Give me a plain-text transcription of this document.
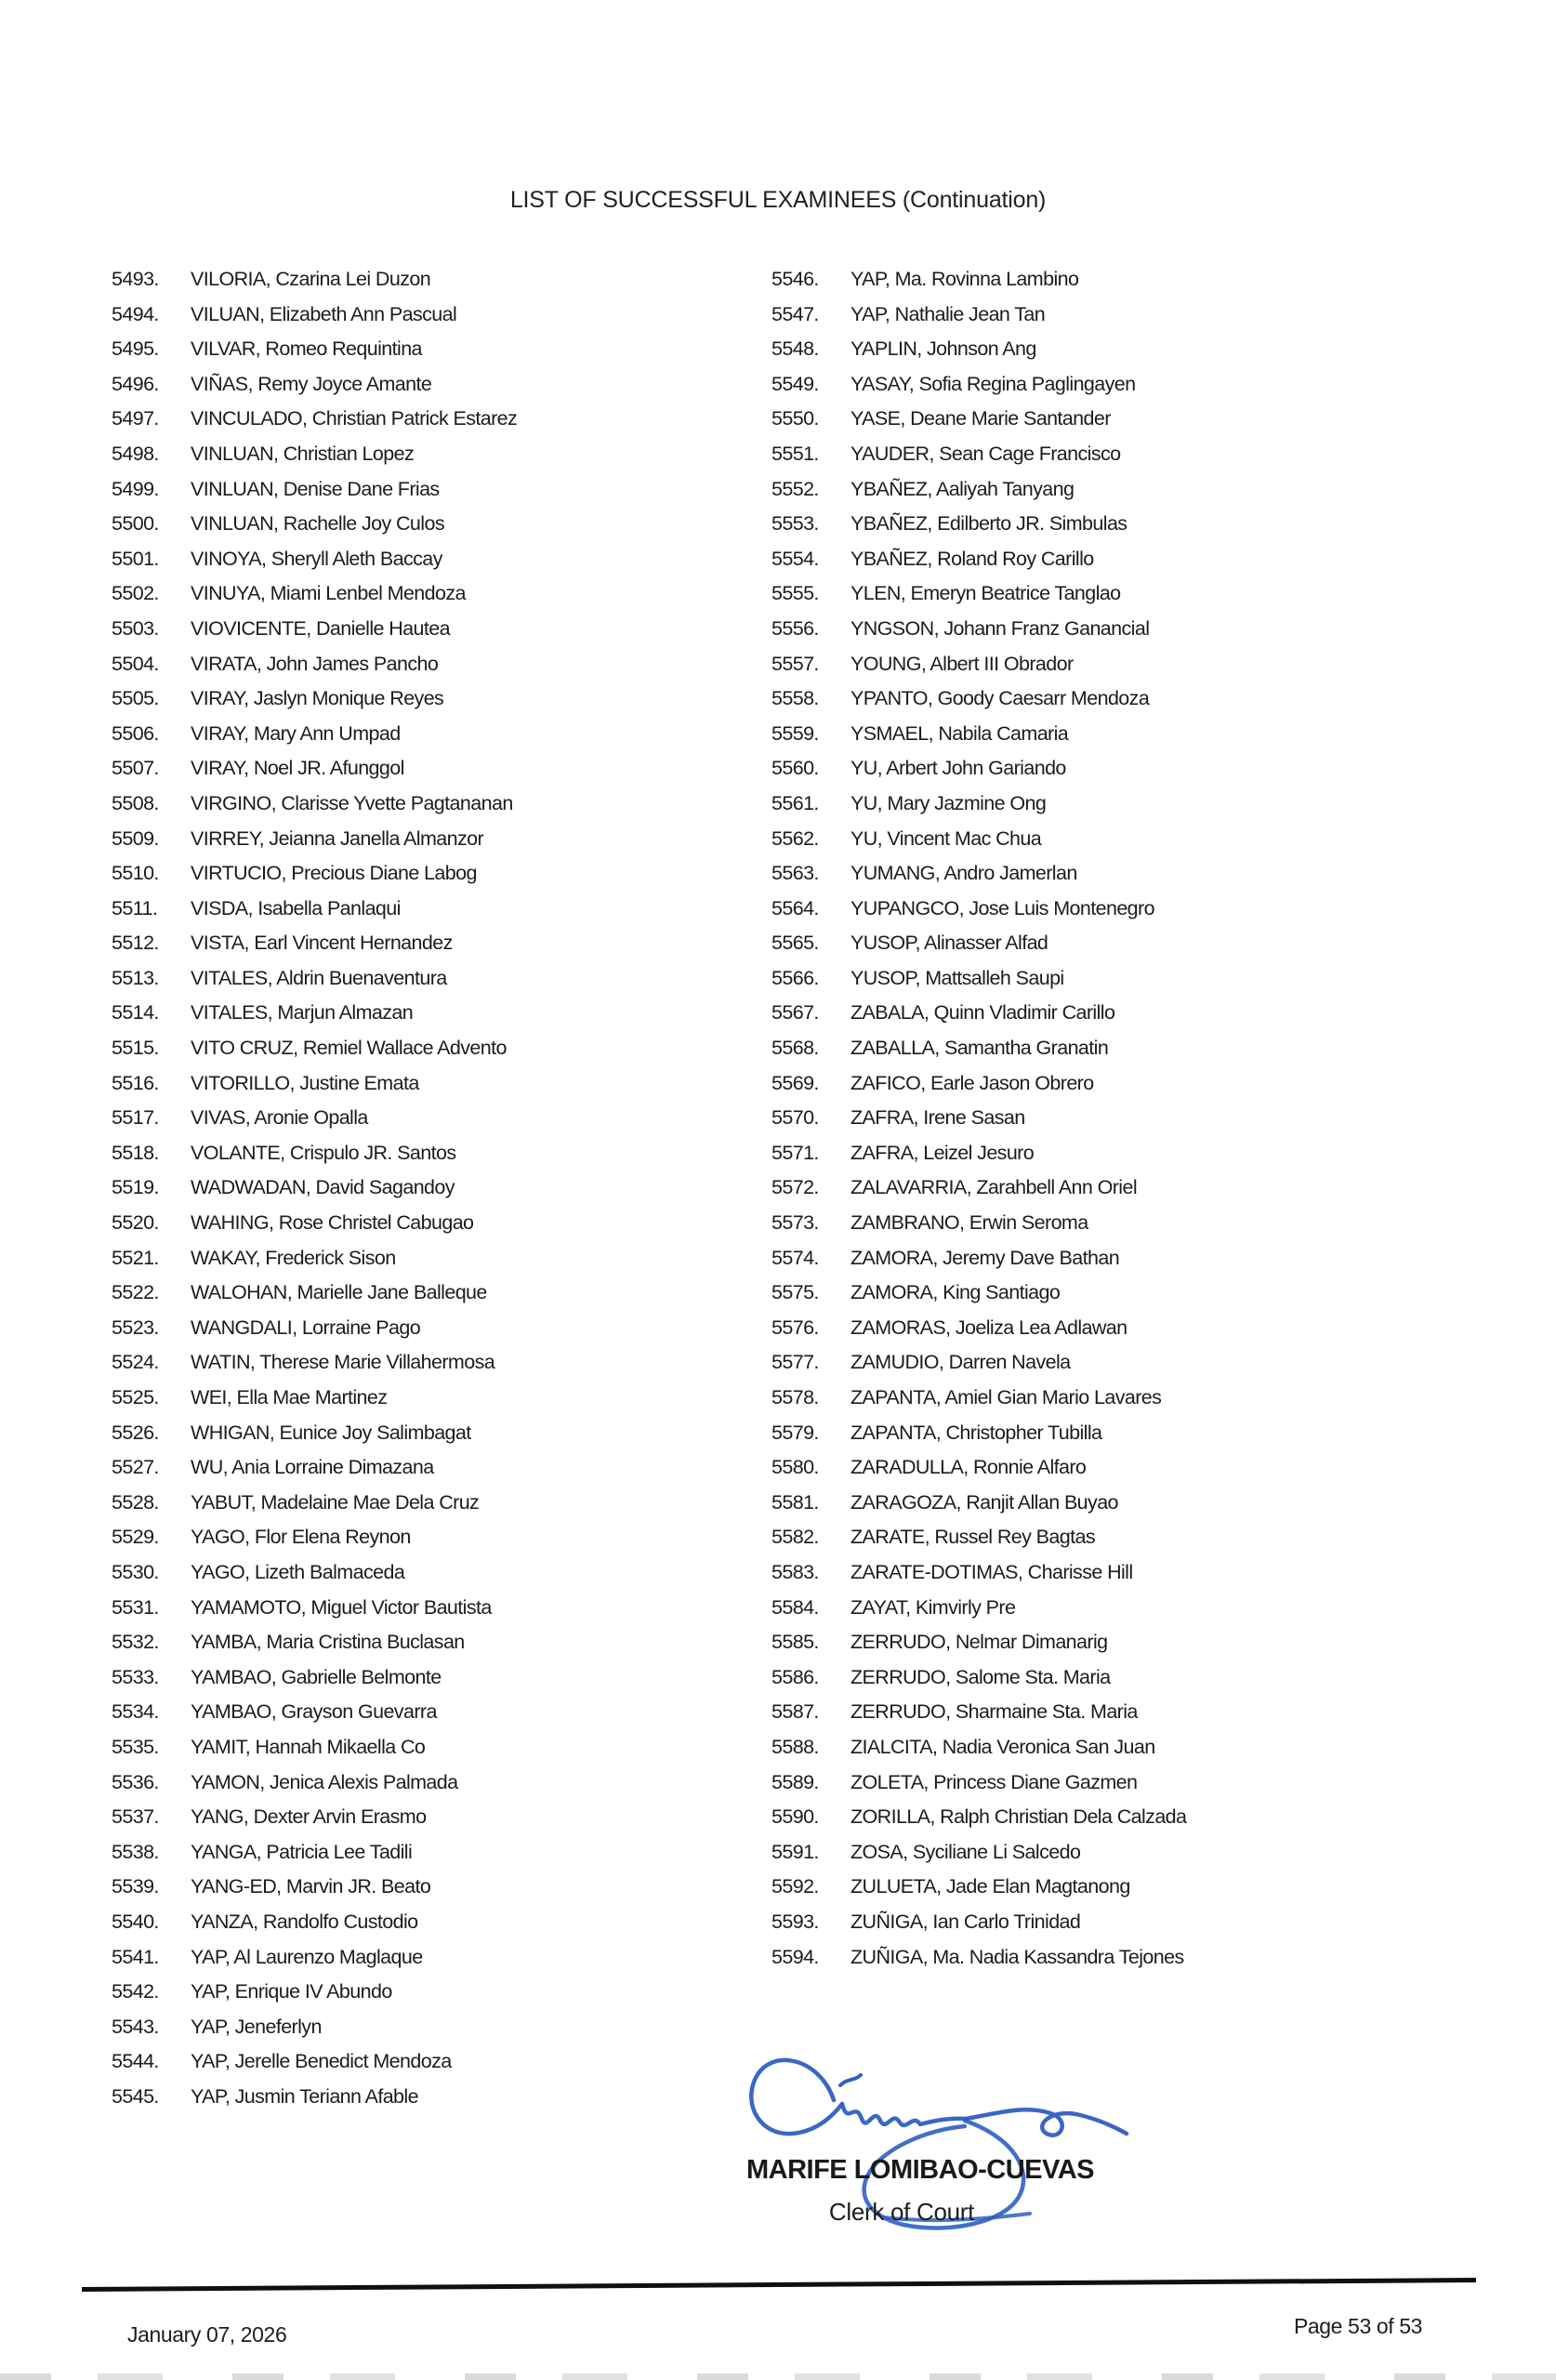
LIST OF SUCCESSFUL EXAMINEES (Continuation)
5493.	VILORIA, Czarina Lei Duzon
5494.	VILUAN, Elizabeth Ann Pascual
5495.	VILVAR, Romeo Requintina
5496.	VIÑAS, Remy Joyce Amante
5497.	VINCULADO, Christian Patrick Estarez
5498.	VINLUAN, Christian Lopez
5499.	VINLUAN, Denise Dane Frias
5500.	VINLUAN, Rachelle Joy Culos
5501.	VINOYA, Sheryll Aleth Baccay
5502.	VINUYA, Miami Lenbel Mendoza
5503.	VIOVICENTE, Danielle Hautea
5504.	VIRATA, John James Pancho
5505.	VIRAY, Jaslyn Monique Reyes
5506.	VIRAY, Mary Ann Umpad
5507.	VIRAY, Noel JR. Afunggol
5508.	VIRGINO, Clarisse Yvette Pagtananan
5509.	VIRREY, Jeianna Janella Almanzor
5510.	VIRTUCIO, Precious Diane Labog
5511.	VISDA, Isabella Panlaqui
5512.	VISTA, Earl Vincent Hernandez
5513.	VITALES, Aldrin Buenaventura
5514.	VITALES, Marjun Almazan
5515.	VITO CRUZ, Remiel Wallace Advento
5516.	VITORILLO, Justine Emata
5517.	VIVAS, Aronie Opalla
5518.	VOLANTE, Crispulo JR. Santos
5519.	WADWADAN, David Sagandoy
5520.	WAHING, Rose Christel Cabugao
5521.	WAKAY, Frederick Sison
5522.	WALOHAN, Marielle Jane Balleque
5523.	WANGDALI, Lorraine Pago
5524.	WATIN, Therese Marie Villahermosa
5525.	WEI, Ella Mae Martinez
5526.	WHIGAN, Eunice Joy Salimbagat
5527.	WU, Ania Lorraine Dimazana
5528.	YABUT, Madelaine Mae Dela Cruz
5529.	YAGO, Flor Elena Reynon
5530.	YAGO, Lizeth Balmaceda
5531.	YAMAMOTO, Miguel Victor Bautista
5532.	YAMBA, Maria Cristina Buclasan
5533.	YAMBAO, Gabrielle Belmonte
5534.	YAMBAO, Grayson Guevarra
5535.	YAMIT, Hannah Mikaella Co
5536.	YAMON, Jenica Alexis Palmada
5537.	YANG, Dexter Arvin Erasmo
5538.	YANGA, Patricia Lee Tadili
5539.	YANG-ED, Marvin JR. Beato
5540.	YANZA, Randolfo Custodio
5541.	YAP, Al Laurenzo Maglaque
5542.	YAP, Enrique IV Abundo
5543.	YAP, Jeneferlyn
5544.	YAP, Jerelle Benedict Mendoza
5545.	YAP, Jusmin Teriann Afable
5546.	YAP, Ma. Rovinna Lambino
5547.	YAP, Nathalie Jean Tan
5548.	YAPLIN, Johnson Ang
5549.	YASAY, Sofia Regina Paglingayen
5550.	YASE, Deane Marie Santander
5551.	YAUDER, Sean Cage Francisco
5552.	YBAÑEZ, Aaliyah Tanyang
5553.	YBAÑEZ, Edilberto JR. Simbulas
5554.	YBAÑEZ, Roland Roy Carillo
5555.	YLEN, Emeryn Beatrice Tanglao
5556.	YNGSON, Johann Franz Ganancial
5557.	YOUNG, Albert III Obrador
5558.	YPANTO, Goody Caesarr Mendoza
5559.	YSMAEL, Nabila Camaria
5560.	YU, Arbert John Gariando
5561.	YU, Mary Jazmine Ong
5562.	YU, Vincent Mac Chua
5563.	YUMANG, Andro Jamerlan
5564.	YUPANGCO, Jose Luis Montenegro
5565.	YUSOP, Alinasser Alfad
5566.	YUSOP, Mattsalleh Saupi
5567.	ZABALA, Quinn Vladimir Carillo
5568.	ZABALLA, Samantha Granatin
5569.	ZAFICO, Earle Jason Obrero
5570.	ZAFRA, Irene Sasan
5571.	ZAFRA, Leizel Jesuro
5572.	ZALAVARRIA, Zarahbell Ann Oriel
5573.	ZAMBRANO, Erwin Seroma
5574.	ZAMORA, Jeremy Dave Bathan
5575.	ZAMORA, King Santiago
5576.	ZAMORAS, Joeliza Lea Adlawan
5577.	ZAMUDIO, Darren Navela
5578.	ZAPANTA, Amiel Gian Mario Lavares
5579.	ZAPANTA, Christopher Tubilla
5580.	ZARADULLA, Ronnie Alfaro
5581.	ZARAGOZA, Ranjit Allan Buyao
5582.	ZARATE, Russel Rey Bagtas
5583.	ZARATE-DOTIMAS, Charisse Hill
5584.	ZAYAT, Kimvirly Pre
5585.	ZERRUDO, Nelmar Dimanarig
5586.	ZERRUDO, Salome Sta. Maria
5587.	ZERRUDO, Sharmaine Sta. Maria
5588.	ZIALCITA, Nadia Veronica San Juan
5589.	ZOLETA, Princess Diane Gazmen
5590.	ZORILLA, Ralph Christian Dela Calzada
5591.	ZOSA, Syciliane Li Salcedo
5592.	ZULUETA, Jade Elan Magtanong
5593.	ZUÑIGA, Ian Carlo Trinidad
5594.	ZUÑIGA, Ma. Nadia Kassandra Tejones
MARIFE LOMIBAO-CUEVAS
Clerk of Court
January 07, 2026	Page 53 of 53
